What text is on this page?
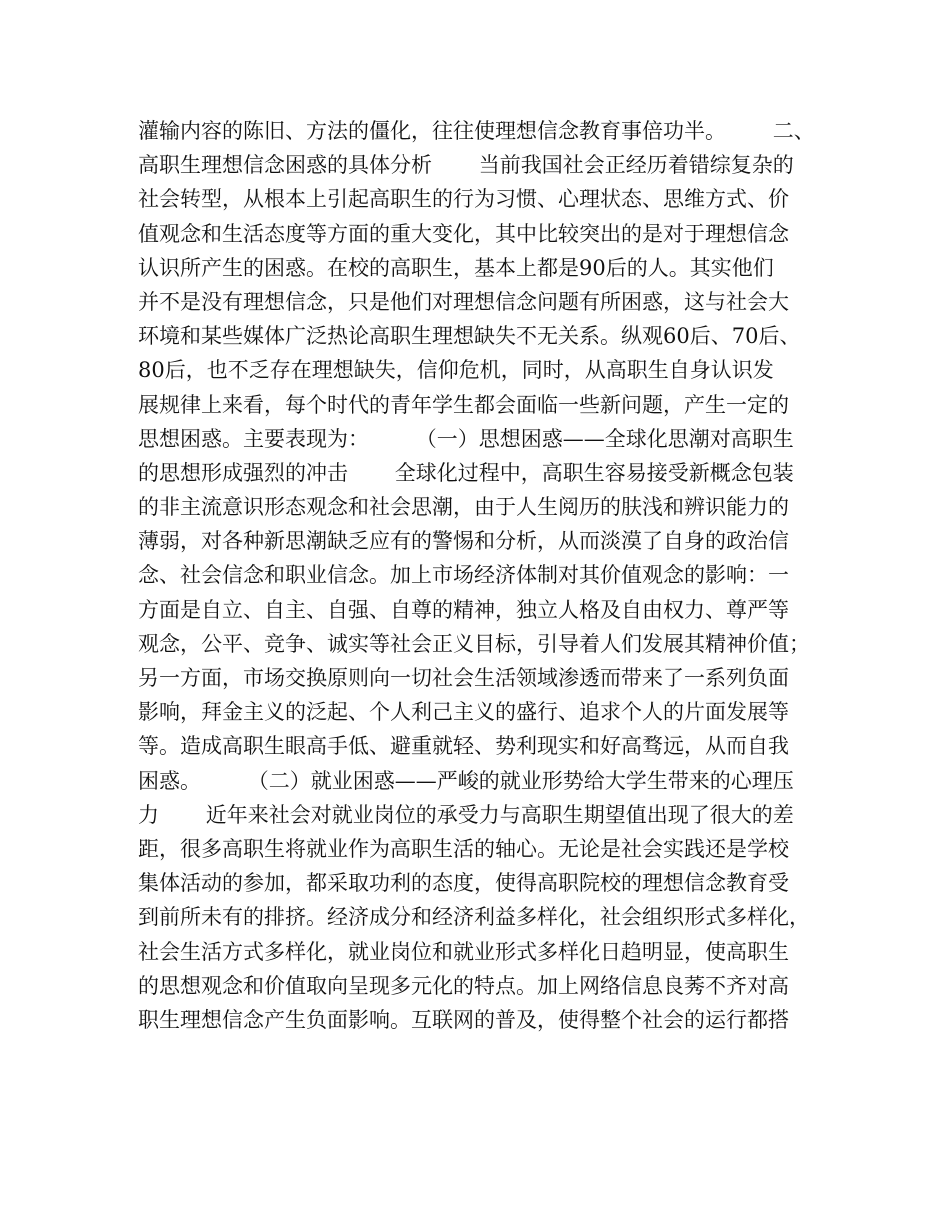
灌输内容的陈旧、方法的僵化，往往使理想信念教育事倍功半。       二、
高职生理想信念困惑的具体分析       当前我国社会正经历着错综复杂的
社会转型，从根本上引起高职生的行为习惯、心理状态、思维方式、价
值观念和生活态度等方面的重大变化，其中比较突出的是对于理想信念
认识所产生的困惑。在校的高职生，基本上都是90后的人。其实他们
并不是没有理想信念，只是他们对理想信念问题有所困惑，这与社会大
环境和某些媒体广泛热论高职生理想缺失不无关系。纵观60后、70后、
80后，也不乏存在理想缺失，信仰危机，同时，从高职生自身认识发
展规律上来看，每个时代的青年学生都会面临一些新问题，产生一定的
思想困惑。主要表现为：       （一）思想困惑——全球化思潮对高职生
的思想形成强烈的冲击       全球化过程中，高职生容易接受新概念包装
的非主流意识形态观念和社会思潮，由于人生阅历的肤浅和辨识能力的
薄弱，对各种新思潮缺乏应有的警惕和分析，从而淡漠了自身的政治信
念、社会信念和职业信念。加上市场经济体制对其价值观念的影响：一
方面是自立、自主、自强、自尊的精神，独立人格及自由权力、尊严等
观念，公平、竞争、诚实等社会正义目标，引导着人们发展其精神价值；
另一方面，市场交换原则向一切社会生活领域渗透而带来了一系列负面
影响，拜金主义的泛起、个人利己主义的盛行、追求个人的片面发展等
等。造成高职生眼高手低、避重就轻、势利现实和好高骛远，从而自我
困惑。       （二）就业困惑——严峻的就业形势给大学生带来的心理压
力       近年来社会对就业岗位的承受力与高职生期望值出现了很大的差
距，很多高职生将就业作为高职生活的轴心。无论是社会实践还是学校
集体活动的参加，都采取功利的态度，使得高职院校的理想信念教育受
到前所未有的排挤。经济成分和经济利益多样化，社会组织形式多样化，
社会生活方式多样化，就业岗位和就业形式多样化日趋明显，使高职生
的思想观念和价值取向呈现多元化的特点。加上网络信息良莠不齐对高
职生理想信念产生负面影响。互联网的普及，使得整个社会的运行都搭
